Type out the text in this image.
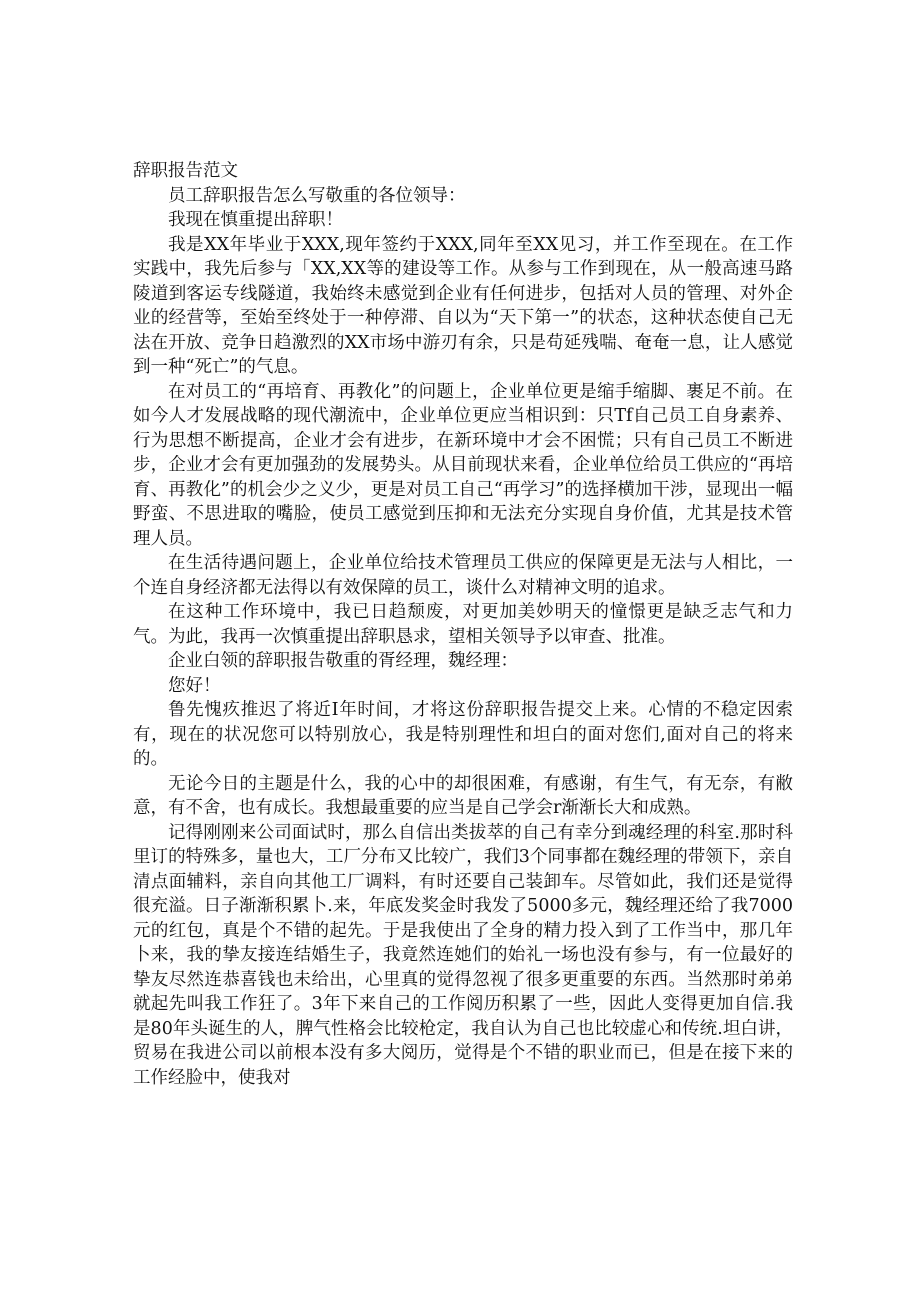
辞职报告范文

员工辞职报告怎么写敬重的各位领导：

我现在慎重提出辞职！

我是XX年毕业于XXX,现年签约于XXX,同年至XX见习，并工作至现在。在工作实践中，我先后参与「XX,XX等的建设等工作。从参与工作到现在，从一般高速马路陵道到客运专线隧道，我始终未感觉到企业有任何进步，包括对人员的管理、对外企业的经营等，至始至终处于一种停滞、自以为“天下第一”的状态，这种状态使自己无法在开放、竞争日趋激烈的XX市场中游刃有余，只是苟延残喘、奄奄一息，让人感觉到一种“死亡”的气息。

在对员工的“再培育、再教化”的问题上，企业单位更是缩手缩脚、裹足不前。在如今人才发展战略的现代潮流中，企业单位更应当相识到：只Tf自己员工自身素养、行为思想不断提高，企业才会有进步，在新环境中才会不困慌；只有自己员工不断进步，企业才会有更加强劲的发展势头。从目前现状来看，企业单位给员工供应的“再培育、再教化”的机会少之义少，更是对员工自己“再学习”的选择横加干涉，显现出一幅野蛮、不思进取的嘴脸，使员工感觉到压抑和无法充分实现自身价值，尤其是技术管理人员。

在生活待遇问题上，企业单位给技术管理员工供应的保障更是无法与人相比，一个连自身经济都无法得以有效保障的员工，谈什么对精神文明的追求。

在这种工作环境中，我已日趋颓废，对更加美妙明天的憧憬更是缺乏志气和力气。为此，我再一次慎重提出辞职恳求，望相关领导予以审查、批准。

企业白领的辞职报告敬重的胥经理，魏经理：

您好！

鲁先愧疚推迟了将近I年时间，才将这份辞职报告提交上来。心情的不稳定因索有，现在的状况您可以特别放心，我是特别理性和坦白的面对您们,面对自己的将来的。

无论今日的主题是什么，我的心中的却很困难，有感谢，有生气，有无奈，有敝意，有不舍，也有成长。我想最重要的应当是自己学会r渐渐长大和成熟。

记得刚刚来公司面试时，那么自信出类拔萃的自己有幸分到魂经理的科室.那时科里订的特殊多，量也大，工厂分布又比较广，我们3个同事都在魏经理的带领下，亲自清点面辅料，亲自向其他工厂调料，有时还要自己装卸车。尽管如此，我们还是觉得很充溢。日子渐渐积累卜.来，年底发奖金时我发了5000多元，魏经理还给了我7000元的红包，真是个不错的起先。于是我使出了全身的精力投入到了工作当中，那几年卜来，我的挚友接连结婚生子，我竟然连她们的始礼一场也没有参与，有一位最好的挚友尽然连恭喜钱也未给出，心里真的觉得忽视了很多更重要的东西。当然那时弟弟就起先叫我工作狂了。3年下来自己的工作阅历积累了一些，因此人变得更加自信.我是80年头诞生的人，脾气性格会比较枪定，我自认为自己也比较虚心和传统.坦白讲，贸易在我进公司以前根本没有多大阅历，觉得是个不错的职业而已，但是在接下来的工作经脸中，使我对
